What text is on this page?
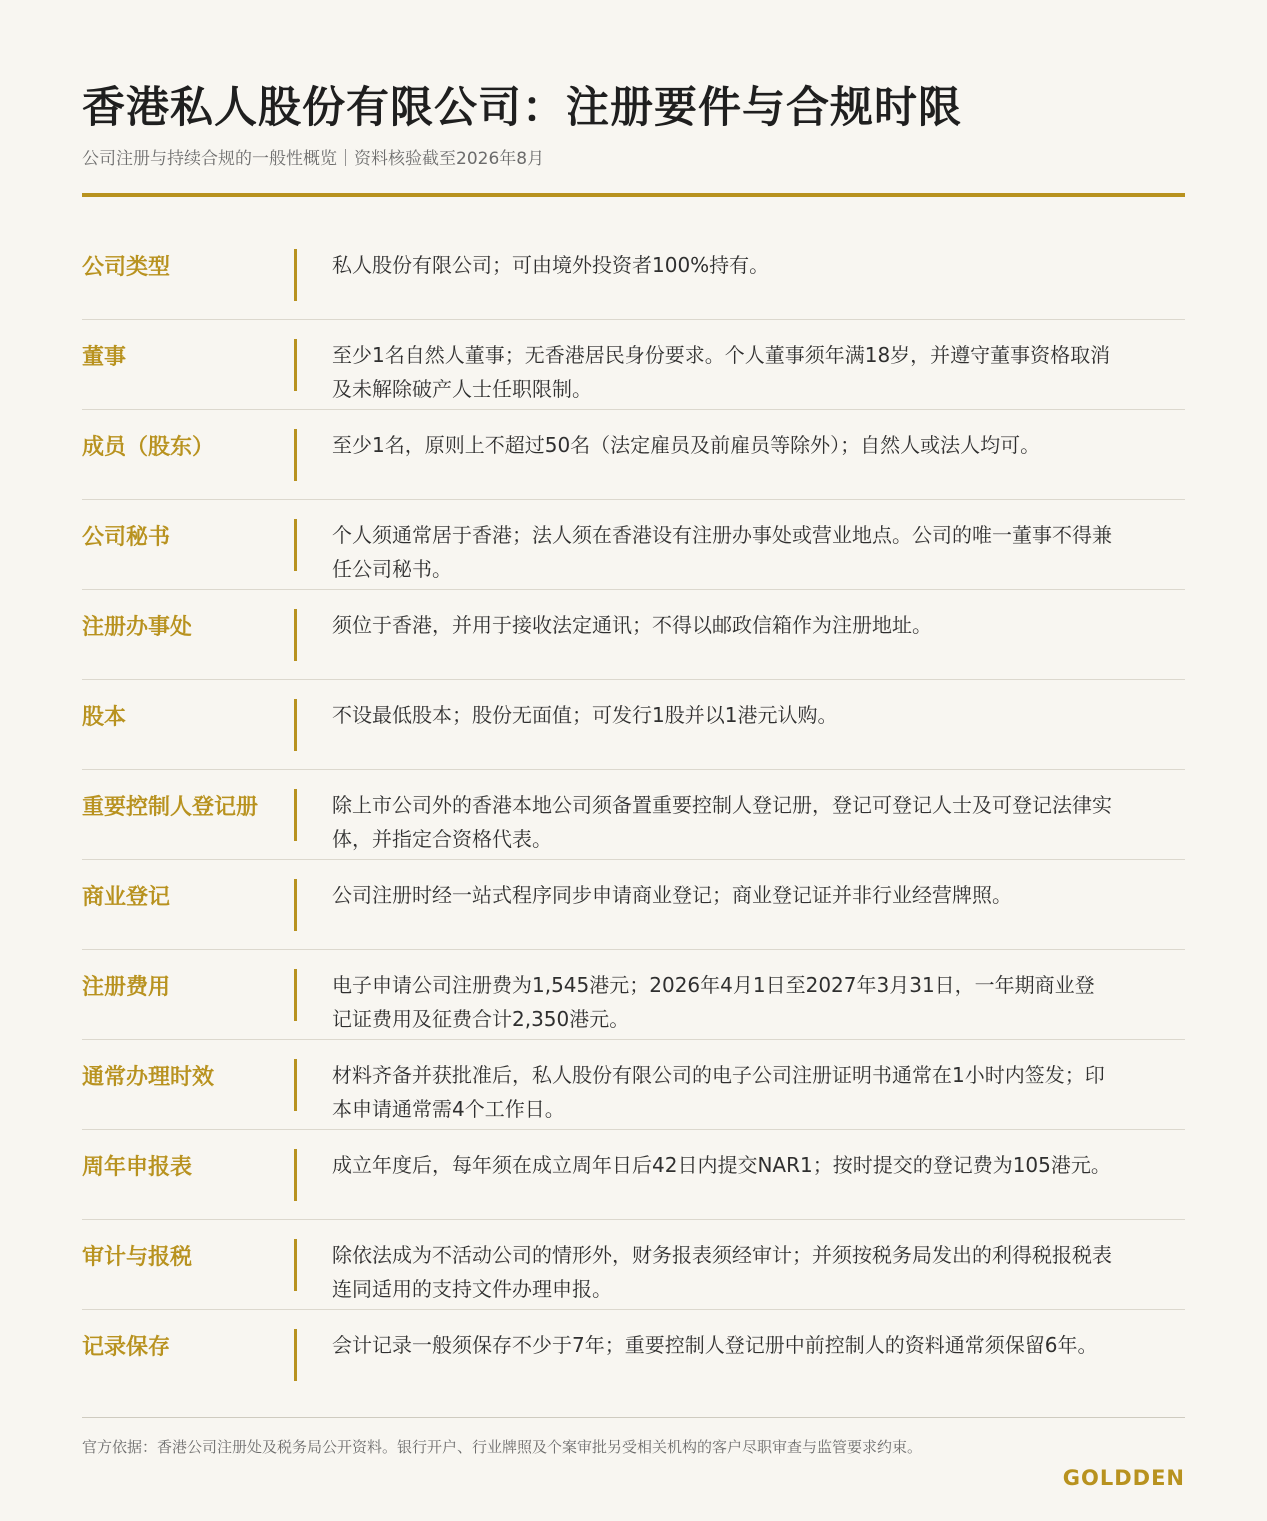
香港私人股份有限公司：注册要件与合规时限
公司注册与持续合规的一般性概览｜资料核验截至2026年8月
公司类型	私人股份有限公司；可由境外投资者100%持有。
董事	至少1名自然人董事；无香港居民身份要求。个人董事须年满18岁，并遵守董事资格取消及未解除破产人士任职限制。
成员（股东）	至少1名，原则上不超过50名（法定雇员及前雇员等除外）；自然人或法人均可。
公司秘书	个人须通常居于香港；法人须在香港设有注册办事处或营业地点。公司的唯一董事不得兼任公司秘书。
注册办事处	须位于香港，并用于接收法定通讯；不得以邮政信箱作为注册地址。
股本	不设最低股本；股份无面值；可发行1股并以1港元认购。
重要控制人登记册	除上市公司外的香港本地公司须备置重要控制人登记册，登记可登记人士及可登记法律实体，并指定合资格代表。
商业登记	公司注册时经一站式程序同步申请商业登记；商业登记证并非行业经营牌照。
注册费用	电子申请公司注册费为1,545港元；2026年4月1日至2027年3月31日，一年期商业登记证费用及征费合计2,350港元。
通常办理时效	材料齐备并获批准后，私人股份有限公司的电子公司注册证明书通常在1小时内签发；印本申请通常需4个工作日。
周年申报表	成立年度后，每年须在成立周年日后42日内提交NAR1；按时提交的登记费为105港元。
审计与报税	除依法成为不活动公司的情形外，财务报表须经审计；并须按税务局发出的利得税报税表连同适用的支持文件办理申报。
记录保存	会计记录一般须保存不少于7年；重要控制人登记册中前控制人的资料通常须保留6年。
官方依据：香港公司注册处及税务局公开资料。银行开户、行业牌照及个案审批另受相关机构的客户尽职审查与监管要求约束。
GOLDDEN
